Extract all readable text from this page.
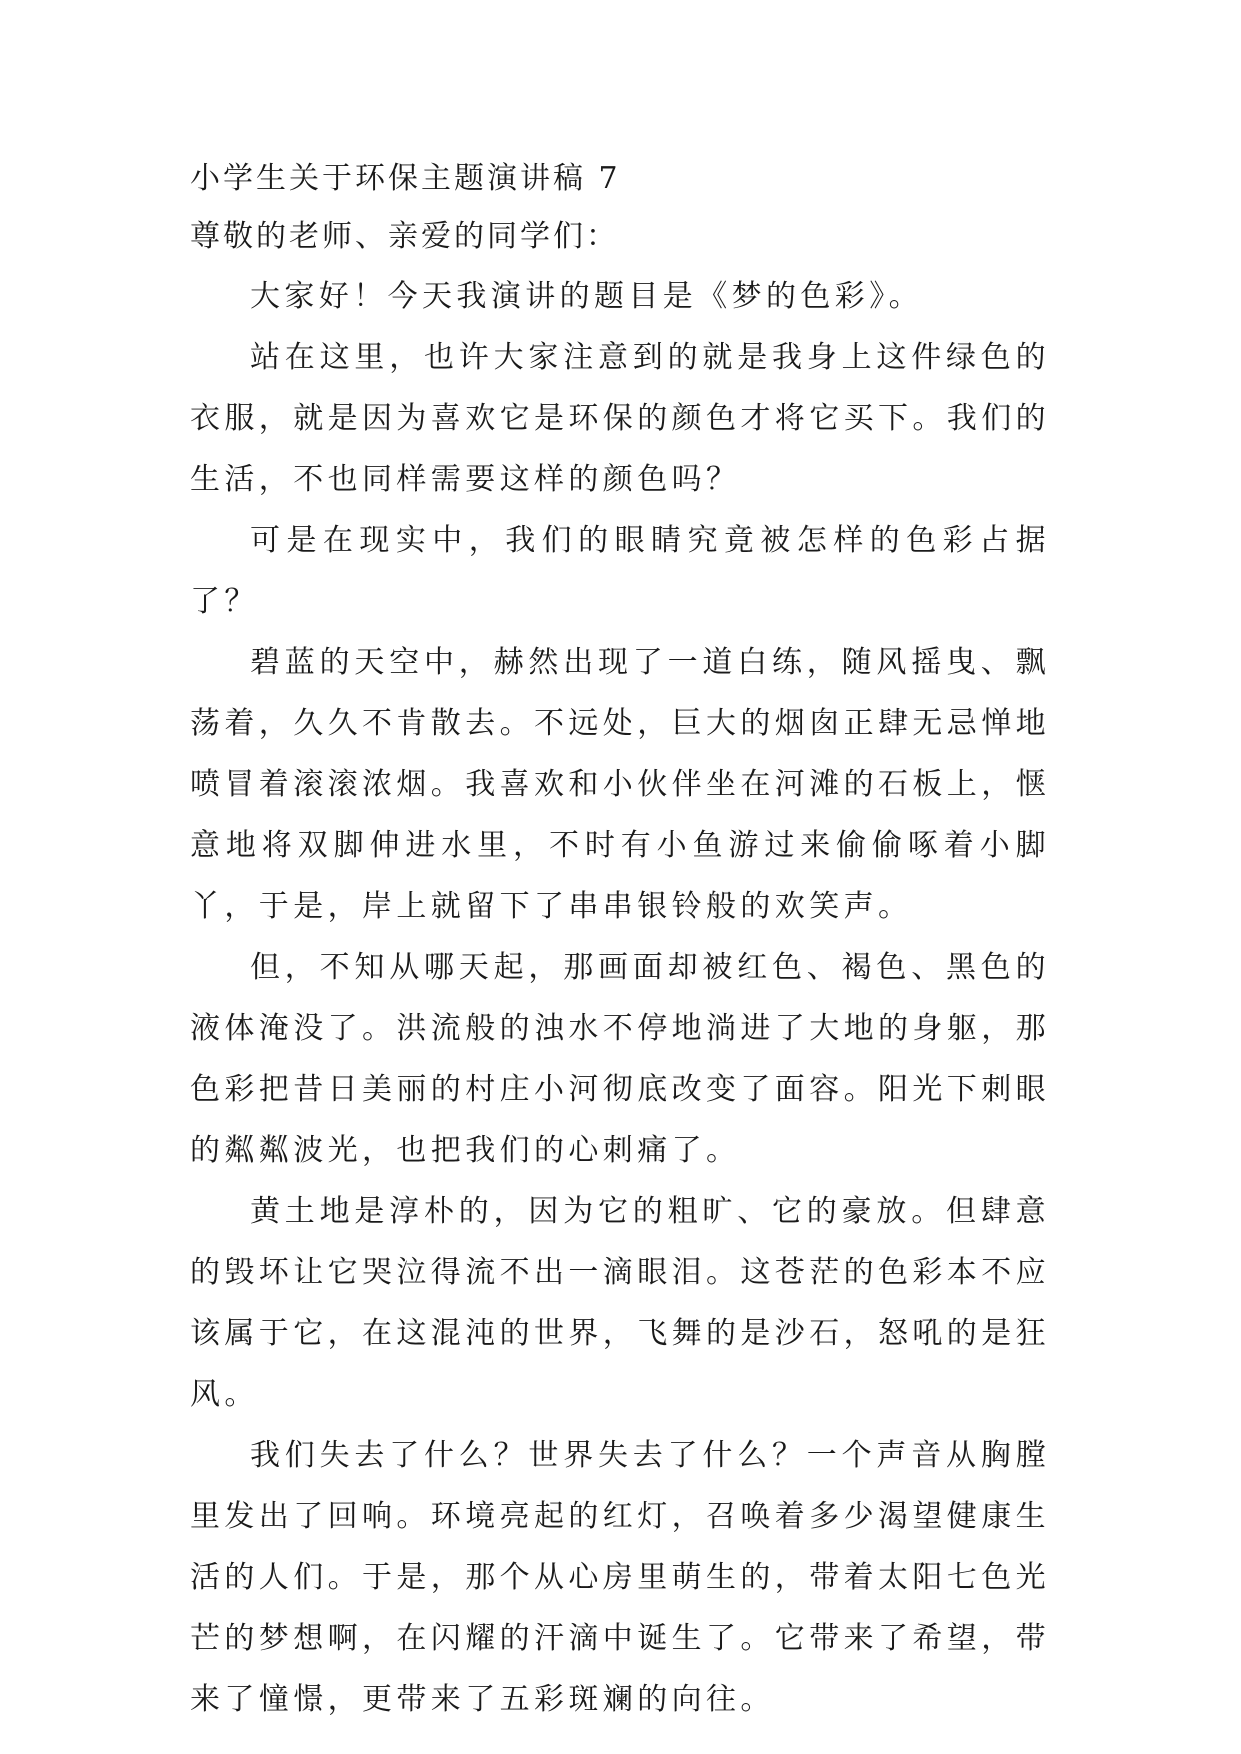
小学生关于环保主题演讲稿 7
尊敬的老师、亲爱的同学们：

大家好！今天我演讲的题目是《梦的色彩》。

站在这里，也许大家注意到的就是我身上这件绿色的衣服，就是因为喜欢它是环保的颜色才将它买下。我们的生活，不也同样需要这样的颜色吗？

可是在现实中，我们的眼睛究竟被怎样的色彩占据了？

碧蓝的天空中，赫然出现了一道白练，随风摇曳、飘荡着，久久不肯散去。不远处，巨大的烟囱正肆无忌惮地喷冒着滚滚浓烟。我喜欢和小伙伴坐在河滩的石板上，惬意地将双脚伸进水里，不时有小鱼游过来偷偷啄着小脚丫，于是，岸上就留下了串串银铃般的欢笑声。

但，不知从哪天起，那画面却被红色、褐色、黑色的液体淹没了。洪流般的浊水不停地淌进了大地的身躯，那色彩把昔日美丽的村庄小河彻底改变了面容。阳光下刺眼的粼粼波光，也把我们的心刺痛了。

黄土地是淳朴的，因为它的粗旷、它的豪放。但肆意的毁坏让它哭泣得流不出一滴眼泪。这苍茫的色彩本不应该属于它，在这混沌的世界，飞舞的是沙石，怒吼的是狂风。

我们失去了什么？世界失去了什么？一个声音从胸膛里发出了回响。环境亮起的红灯，召唤着多少渴望健康生活的人们。于是，那个从心房里萌生的，带着太阳七色光芒的梦想啊，在闪耀的汗滴中诞生了。它带来了希望，带来了憧憬，更带来了五彩斑斓的向往。
